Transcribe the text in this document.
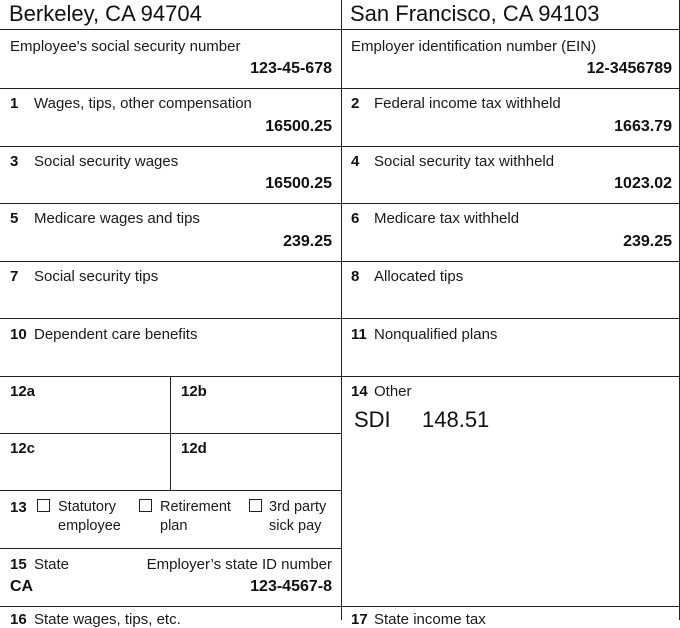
Berkeley, CA 94704	San Francisco, CA 94103
Employee's social security number
123-45-678
Employer identification number (EIN)
12-3456789
1 Wages, tips, other compensation
16500.25
2 Federal income tax withheld
1663.79
3 Social security wages
16500.25
4 Social security tax withheld
1023.02
5 Medicare wages and tips
239.25
6 Medicare tax withheld
239.25
7 Social security tips	8 Allocated tips
10 Dependent care benefits	11 Nonqualified plans
12a	12b
12c	12d
14 Other
SDI 148.51
13 Statutory
employee
Retirement
plan
3rd party
sick pay
15 State	Employer’s state ID number
CA	123-4567-8
16 State wages, tips, etc.	17 State income tax
